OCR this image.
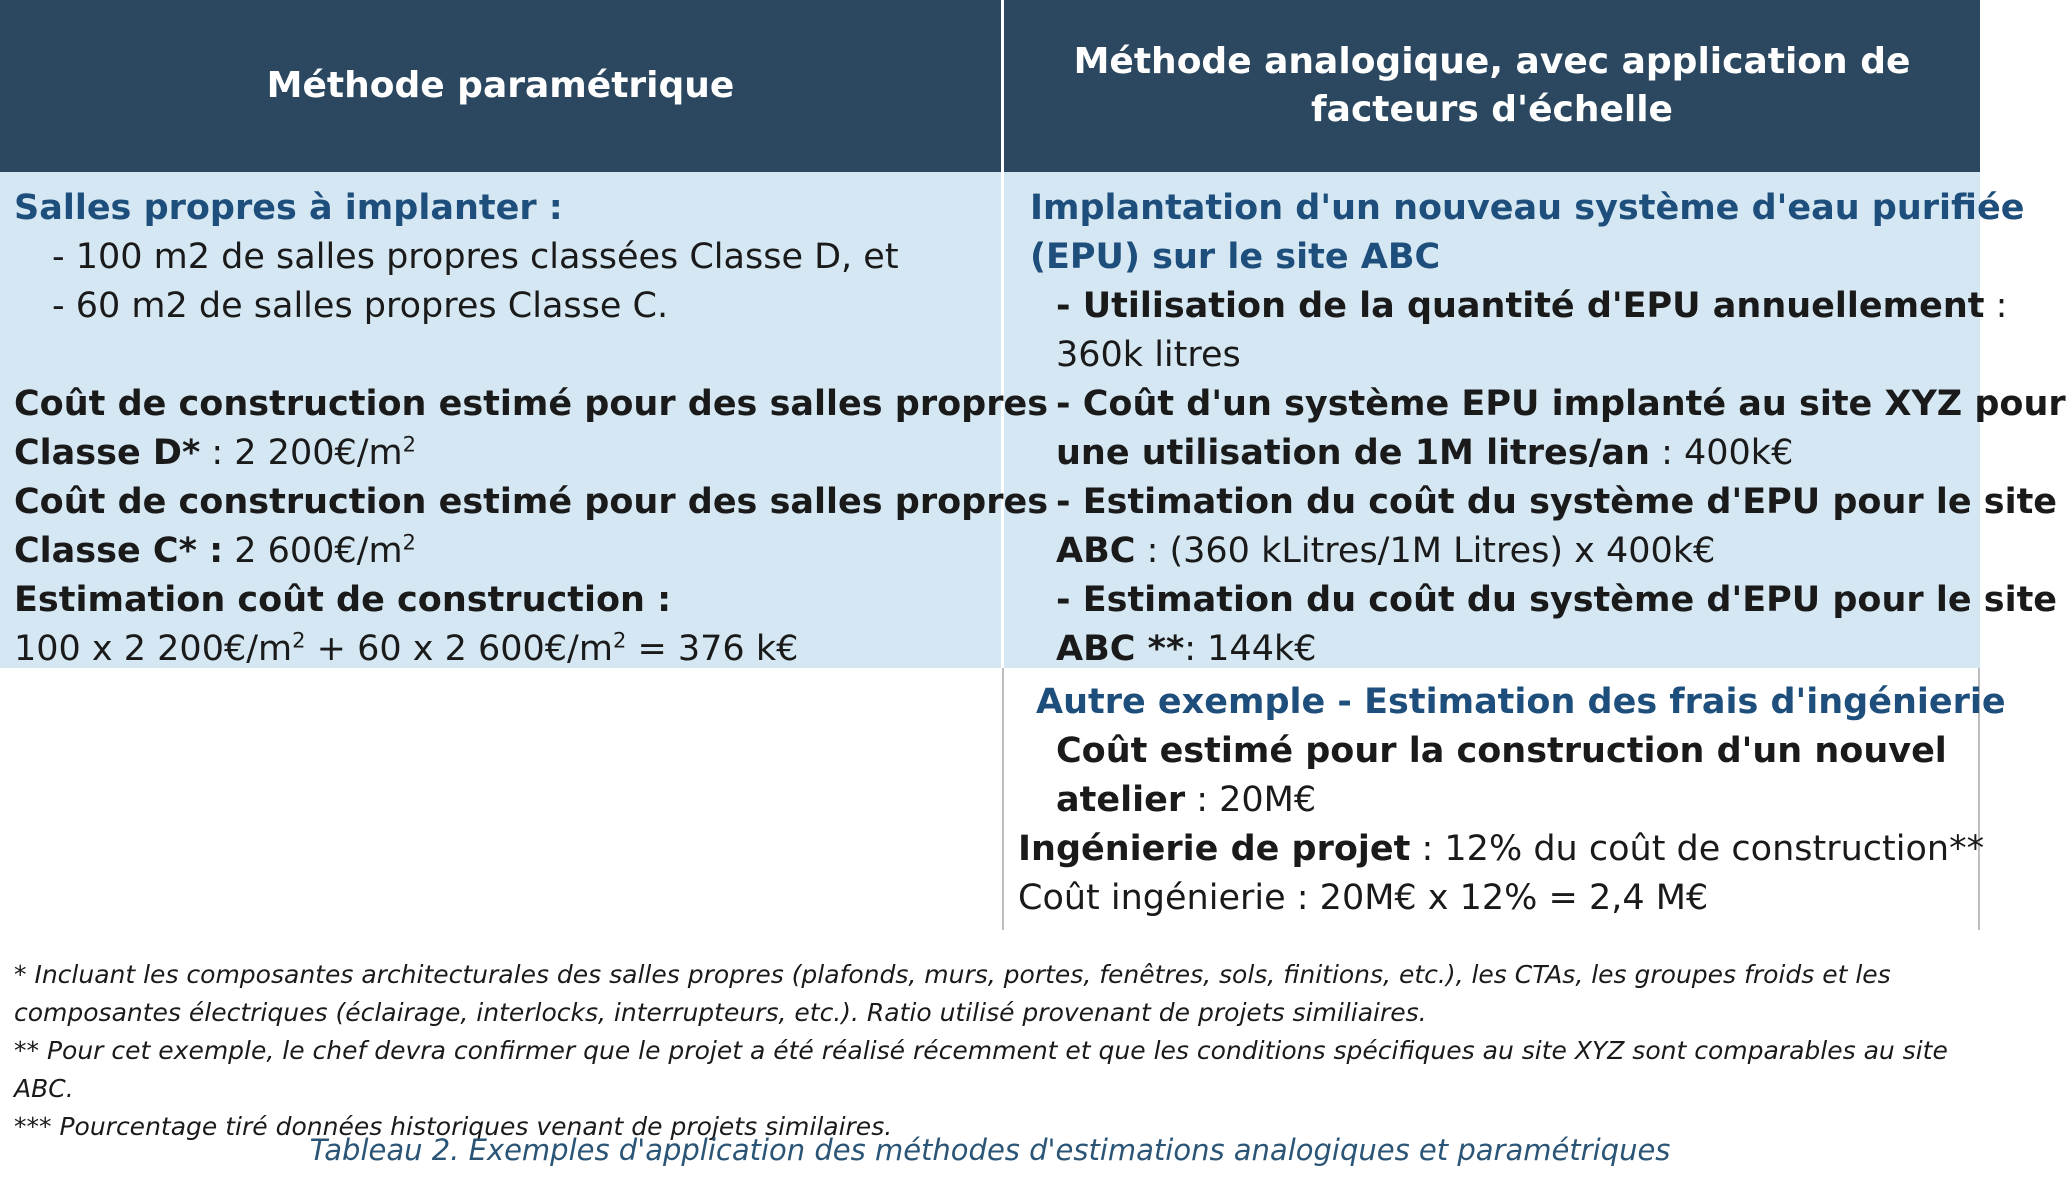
Méthode paramétrique
Méthode analogique, avec application de
facteurs d'échelle
Salles propres à implanter :
- 100 m2 de salles propres classées Classe D, et
- 60 m2 de salles propres Classe C.
Coût de construction estimé pour des salles propres
Classe D* : 2 $200€/m^2$
Coût de construction estimé pour des salles propres
Classe C* : 2 $600€/m^2$
Estimation coût de construction :
100 x 2 $200€/m^2 + 60$ x 2 $600€/m^2 = 376$ k€
Implantation d'un nouveau système d'eau purifiée
(EPU) sur le site ABC
- Utilisation de la quantité d'EPU annuellement :
360k litres
- Coût d'un système EPU implanté au site XYZ pour
une utilisation de 1M litres/an : 400k€
- Estimation du coût du système d'EPU pour le site
ABC : (360 kLitres/1M Litres) x 400k€
- Estimation du coût du système d'EPU pour le site
ABC **: 144k€
Autre exemple - Estimation des frais d'ingénierie
Coût estimé pour la construction d'un nouvel
atelier : 20M€
Ingénierie de projet : 12% du coût de construction**
Coût ingénierie : 20M€ x 12% = 2,4 M€
* Incluant les composantes architecturales des salles propres (plafonds, murs, portes, fenêtres, sols, finitions, etc.), les CTAs, les groupes froids et les
composantes électriques (éclairage, interlocks, interrupteurs, etc.). Ratio utilisé provenant de projets similiaires.
** Pour cet exemple, le chef devra confirmer que le projet a été réalisé récemment et que les conditions spécifiques au site XYZ sont comparables au site ABC.
*** Pourcentage tiré données historiques venant de projets similaires.
Tableau 2. Exemples d'application des méthodes d'estimations analogiques et paramétriques
